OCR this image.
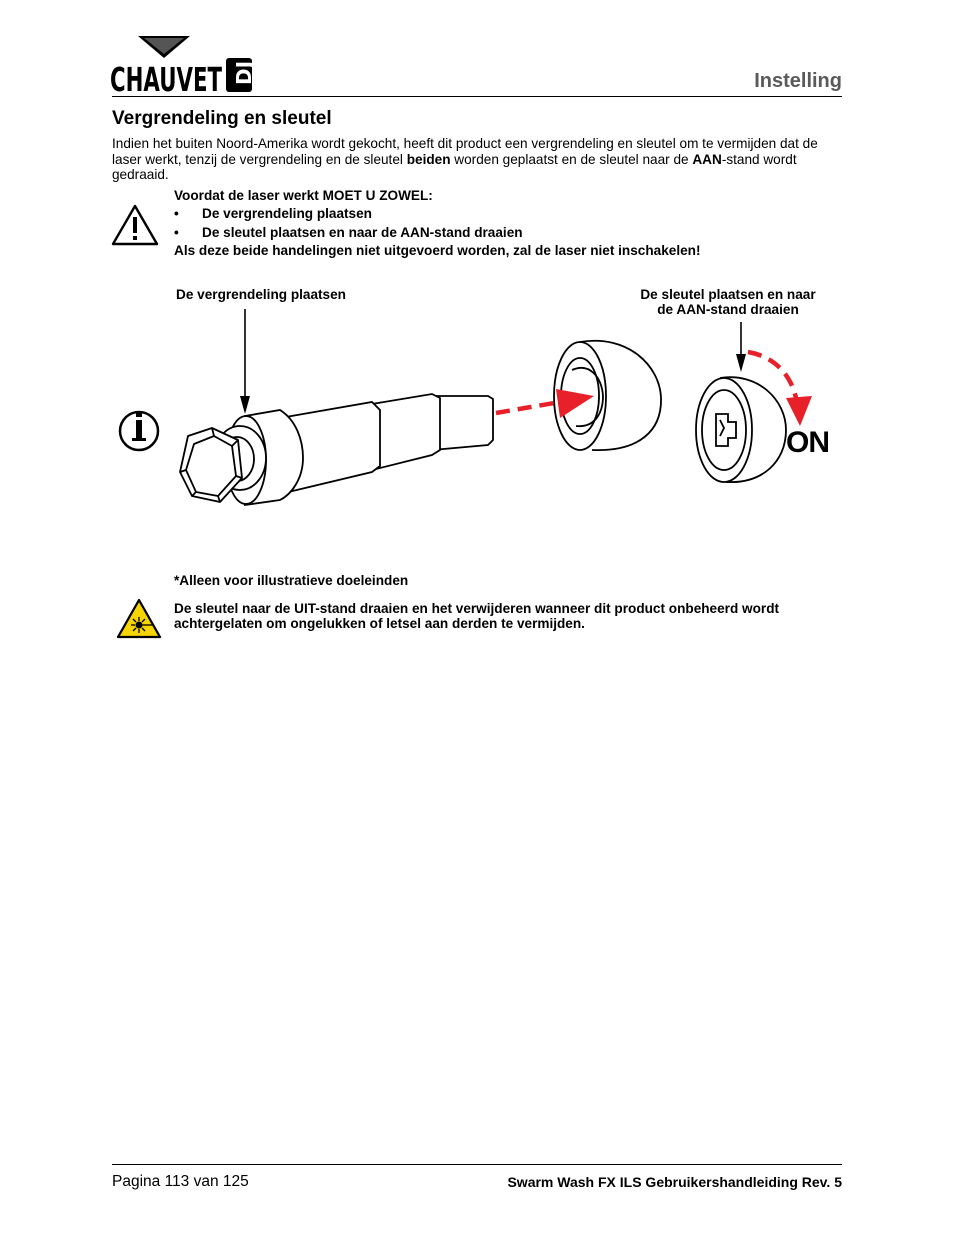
CHAUVET DJ	Instelling
Vergrendeling en sleutel
Indien het buiten Noord-Amerika wordt gekocht, heeft dit product een vergrendeling en sleutel om te vermijden dat de laser werkt, tenzij de vergrendeling en de sleutel beiden worden geplaatst en de sleutel naar de AAN-stand wordt gedraaid.
Voordat de laser werkt MOET U ZOWEL:
•	De vergrendeling plaatsen
•	De sleutel plaatsen en naar de AAN-stand draaien
Als deze beide handelingen niet uitgevoerd worden, zal de laser niet inschakelen!
De vergrendeling plaatsen	De sleutel plaatsen en naar
de AAN-stand draaien
ON
*Alleen voor illustratieve doeleinden
De sleutel naar de UIT-stand draaien en het verwijderen wanneer dit product onbeheerd wordt achtergelaten om ongelukken of letsel aan derden te vermijden.
Pagina 113 van 125	Swarm Wash FX ILS Gebruikershandleiding Rev. 5
